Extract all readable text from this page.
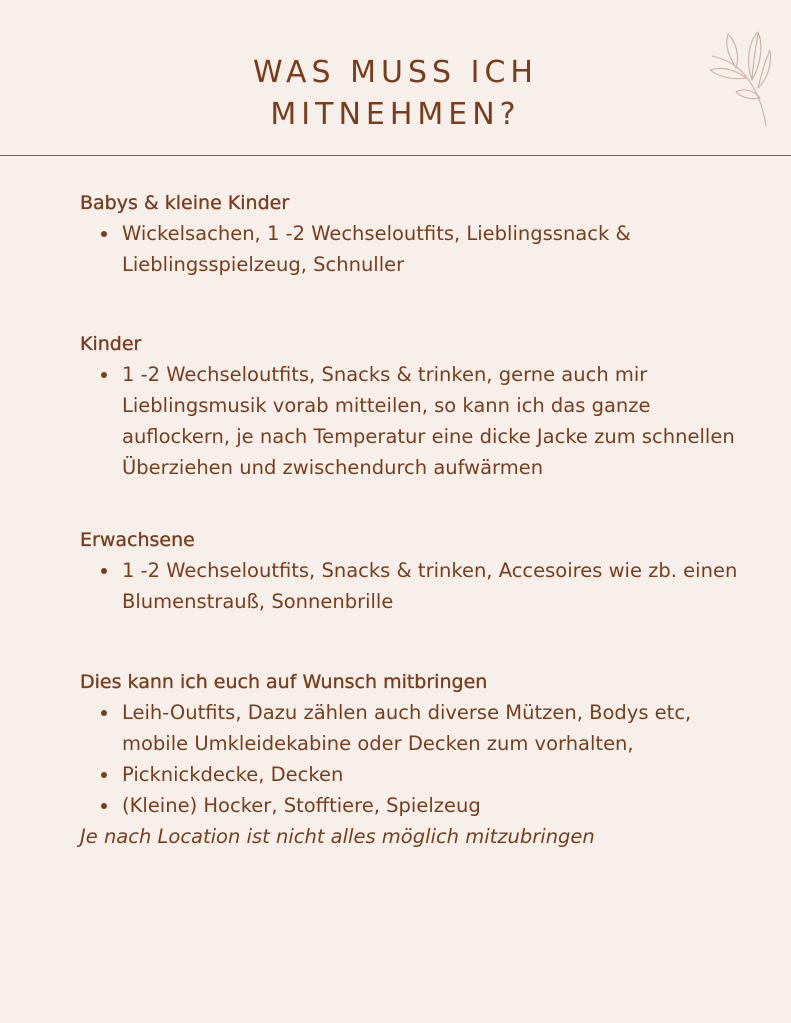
WAS MUSS ICH
MITNEHMEN?
Babys & kleine Kinder
Wickelsachen, 1 -2 Wechseloutfits, Lieblingssnack & Lieblingsspielzeug, Schnuller
Kinder
1 -2 Wechseloutfits, Snacks & trinken, gerne auch mir Lieblingsmusik vorab mitteilen, so kann ich das ganze auflockern, je nach Temperatur eine dicke Jacke zum schnellen Überziehen und zwischendurch aufwärmen
Erwachsene
1 -2 Wechseloutfits, Snacks & trinken, Accesoires wie zb. einen Blumenstrauß, Sonnenbrille
Dies kann ich euch auf Wunsch mitbringen
Leih-Outfits, Dazu zählen auch diverse Mützen, Bodys etc, mobile Umkleidekabine oder Decken zum vorhalten,
Picknickdecke, Decken
(Kleine) Hocker, Stofftiere, Spielzeug

Je nach Location ist nicht alles möglich mitzubringen
